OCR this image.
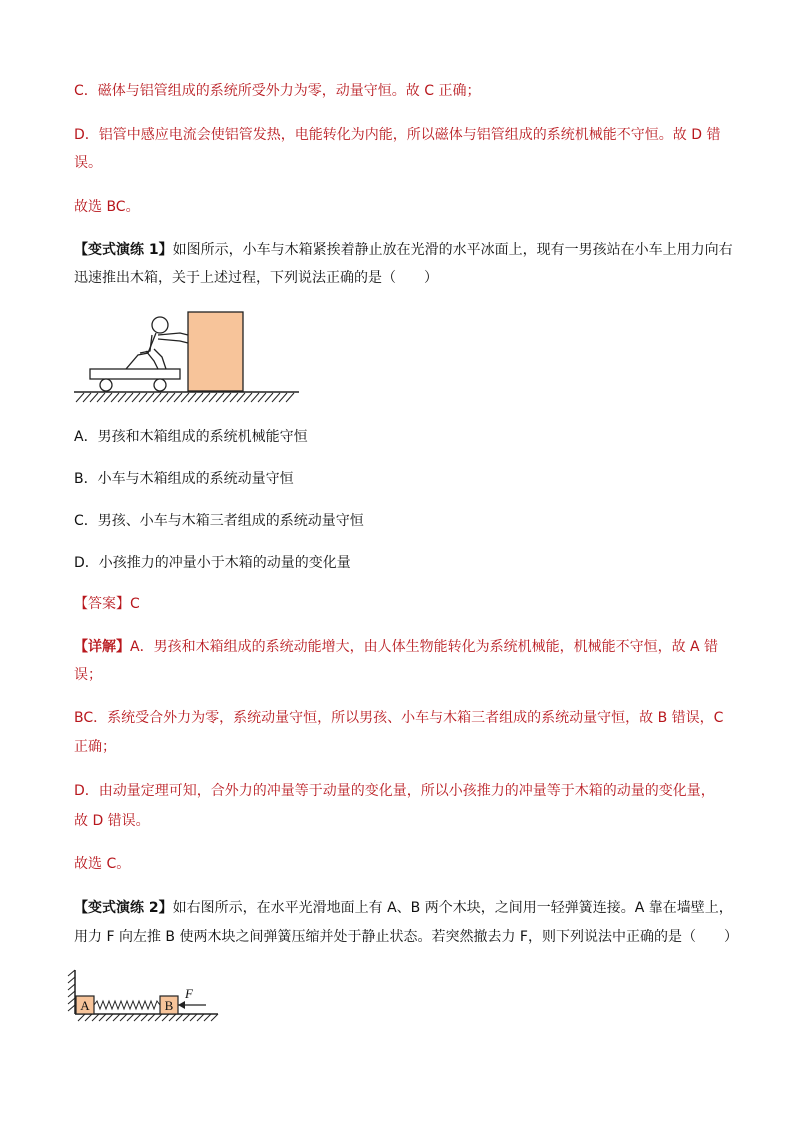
C．磁体与铝管组成的系统所受外力为零，动量守恒。故 C 正确；
D．铝管中感应电流会使铝管发热，电能转化为内能，所以磁体与铝管组成的系统机械能不守恒。故 D 错
误。
故选 BC。
【变式演练 1】如图所示，小车与木箱紧挨着静止放在光滑的水平冰面上，现有一男孩站在小车上用力向右
迅速推出木箱，关于上述过程，下列说法正确的是（　　）
A．男孩和木箱组成的系统机械能守恒
B．小车与木箱组成的系统动量守恒
C．男孩、小车与木箱三者组成的系统动量守恒
D．小孩推力的冲量小于木箱的动量的变化量
【答案】C
【详解】A．男孩和木箱组成的系统动能增大，由人体生物能转化为系统机械能，机械能不守恒，故 A 错
误；
BC．系统受合外力为零，系统动量守恒，所以男孩、小车与木箱三者组成的系统动量守恒，故 B 错误，C
正确；
D．由动量定理可知，合外力的冲量等于动量的变化量，所以小孩推力的冲量等于木箱的动量的变化量，
故 D 错误。
故选 C。
【变式演练 2】如右图所示，在水平光滑地面上有 A、B 两个木块，之间用一轻弹簧连接。A 靠在墙壁上，
用力 F 向左推 B 使两木块之间弹簧压缩并处于静止状态。若突然撤去力 F，则下列说法中正确的是（　　）
A	B
F
